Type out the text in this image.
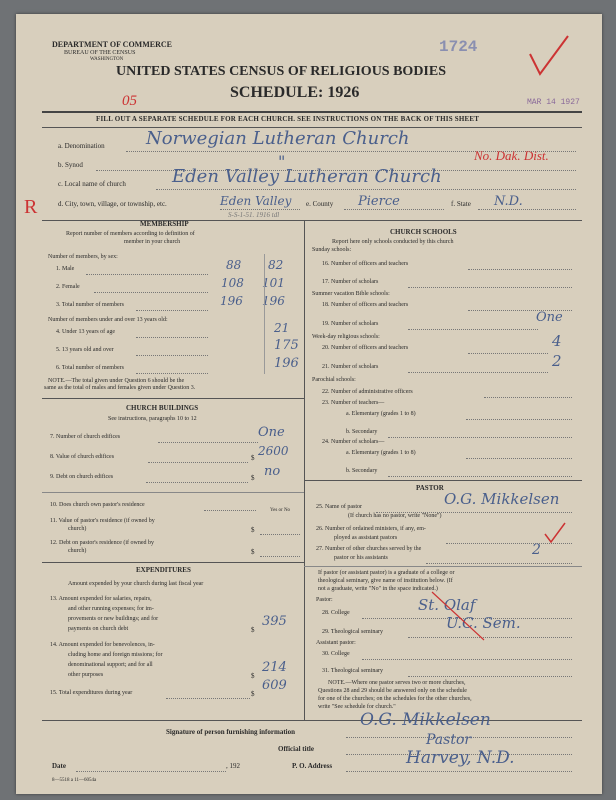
DEPARTMENT OF COMMERCE
BUREAU OF THE CENSUS
WASHINGTON
1724
MAR 14 1927
UNITED STATES CENSUS OF RELIGIOUS BODIES
SCHEDULE: 1926
05
FILL OUT A SEPARATE SCHEDULE FOR EACH CHURCH. SEE INSTRUCTIONS ON THE BACK OF THIS SHEET
a. Denomination Norwegian Lutheran Church
b. Synod	"	No. Dak. Dist.
c. Local name of church	Eden Valley Lutheran Church
d. City, town, village, or township, etc.	Eden Valley e. County Pierce	f. State N.D.
R	S-S-1-51. 1916 tdl
MEMBERSHIP
Report number of members according to definition of
member in your church
Number of members, by sex:
1. Male	88 82
2. Female	108 101
3. Total number of members	196 196
Number of members under and over 13 years old:
4. Under 13 years of age	21
5. 13 years old and over	175
6. Total number of members	196
NOTE.—The total given under Question 6 should be the
same as the total of males and females given under Question 3.
CHURCH BUILDINGS
See instructions, paragraphs 10 to 12
7. Number of church edifices	One
8. Value of church edifices	$ 2600
9. Debt on church edifices	$ no
10. Does church own pastor's residence
Yes or No
11. Value of pastor's residence (if owned by
church)	$
12. Debt on pastor's residence (if owned by
church)	$
EXPENDITURES
Amount expended by your church during last fiscal year
13. Amount expended for salaries, repairs,
and other running expenses; for im-
provements or new buildings; and for
payments on church debt	$
395
14. Amount expended for benevolences, in-
cluding home and foreign missions; for
denominational support; and for all
other purposes	$
214
15. Total expenditures during year	$
609
CHURCH SCHOOLS
Report here only schools conducted by this church
Sunday schools:
16. Number of officers and teachers
17. Number of scholars
Summer vacation Bible schools:
18. Number of officers and teachers
19. Number of scholars	One
Week-day religious schools:
20. Number of officers and teachers	4
21. Number of scholars	2
Parochial schools:
22. Number of administrative officers
23. Number of teachers—
a. Elementary (grades 1 to 8)
b. Secondary
24. Number of scholars—
a. Elementary (grades 1 to 8)
b. Secondary
PASTOR
25. Name of pastor	O.G. Mikkelsen
(If church has no pastor, write "None")
26. Number of ordained ministers, if any, em-
ployed as assistant pastors
27. Number of other churches served by the
pastor or his assistants	2
If pastor (or assistant pastor) is a graduate of a college or
theological seminary, give name of institution below. (If
not a graduate, write "No" in the space indicated.)
Pastor:
28. College	St. Olaf
29. Theological seminary	U.C. Sem.
Assistant pastor:
30. College
31. Theological seminary
NOTE.—Where one pastor serves two or more churches,
Questions 28 and 29 should be answered only on the schedule
for one of the churches; on the schedules for the other churches,
write "See schedule for church."
Signature of person furnishing information
O.G. Mikkelsen
Official title
Pastor
Date	, 192	P. O. Address	Harvey, N.D.
8—5518 a 11—6054a
